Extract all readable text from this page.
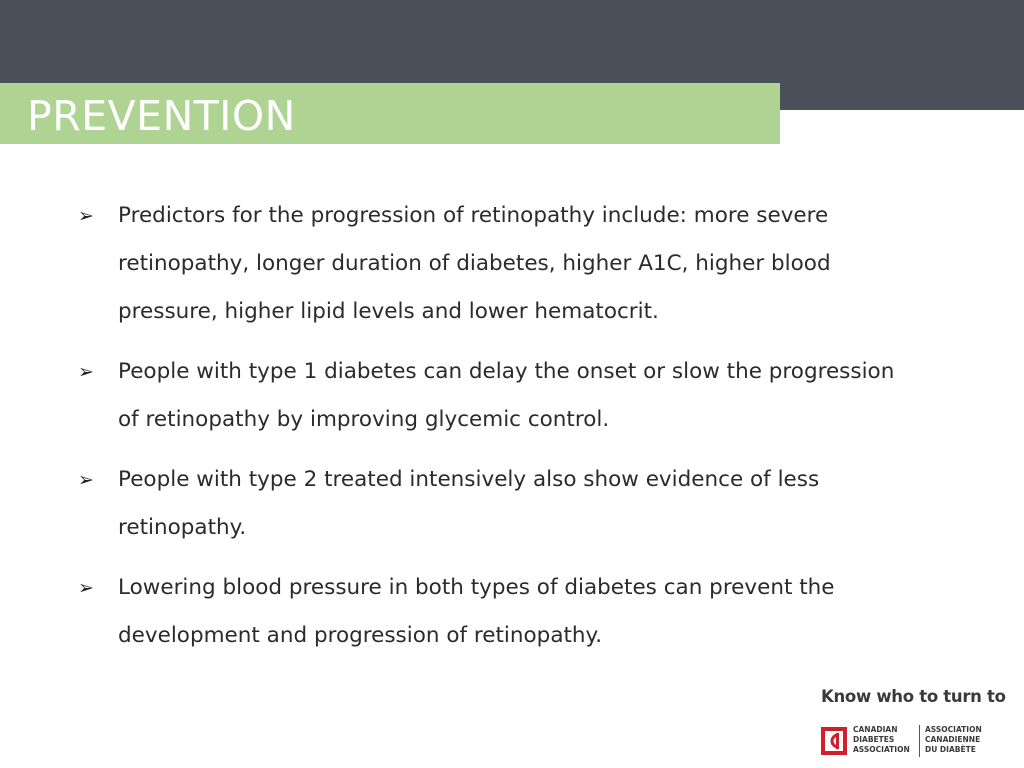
PREVENTION
➢	Predictors for the progression of retinopathy include: more severe retinopathy, longer duration of diabetes, higher A1C, higher blood pressure, higher lipid levels and lower hematocrit.
➢	People with type 1 diabetes can delay the onset or slow the progression of retinopathy by improving glycemic control.
➢	People with type 2 treated intensively also show evidence of less retinopathy.
➢	Lowering blood pressure in both types of diabetes can prevent the development and progression of retinopathy.
Know who to turn to
CANADIAN
DIABETES
ASSOCIATION
ASSOCIATION
CANADIENNE
DU DIABÈTE
